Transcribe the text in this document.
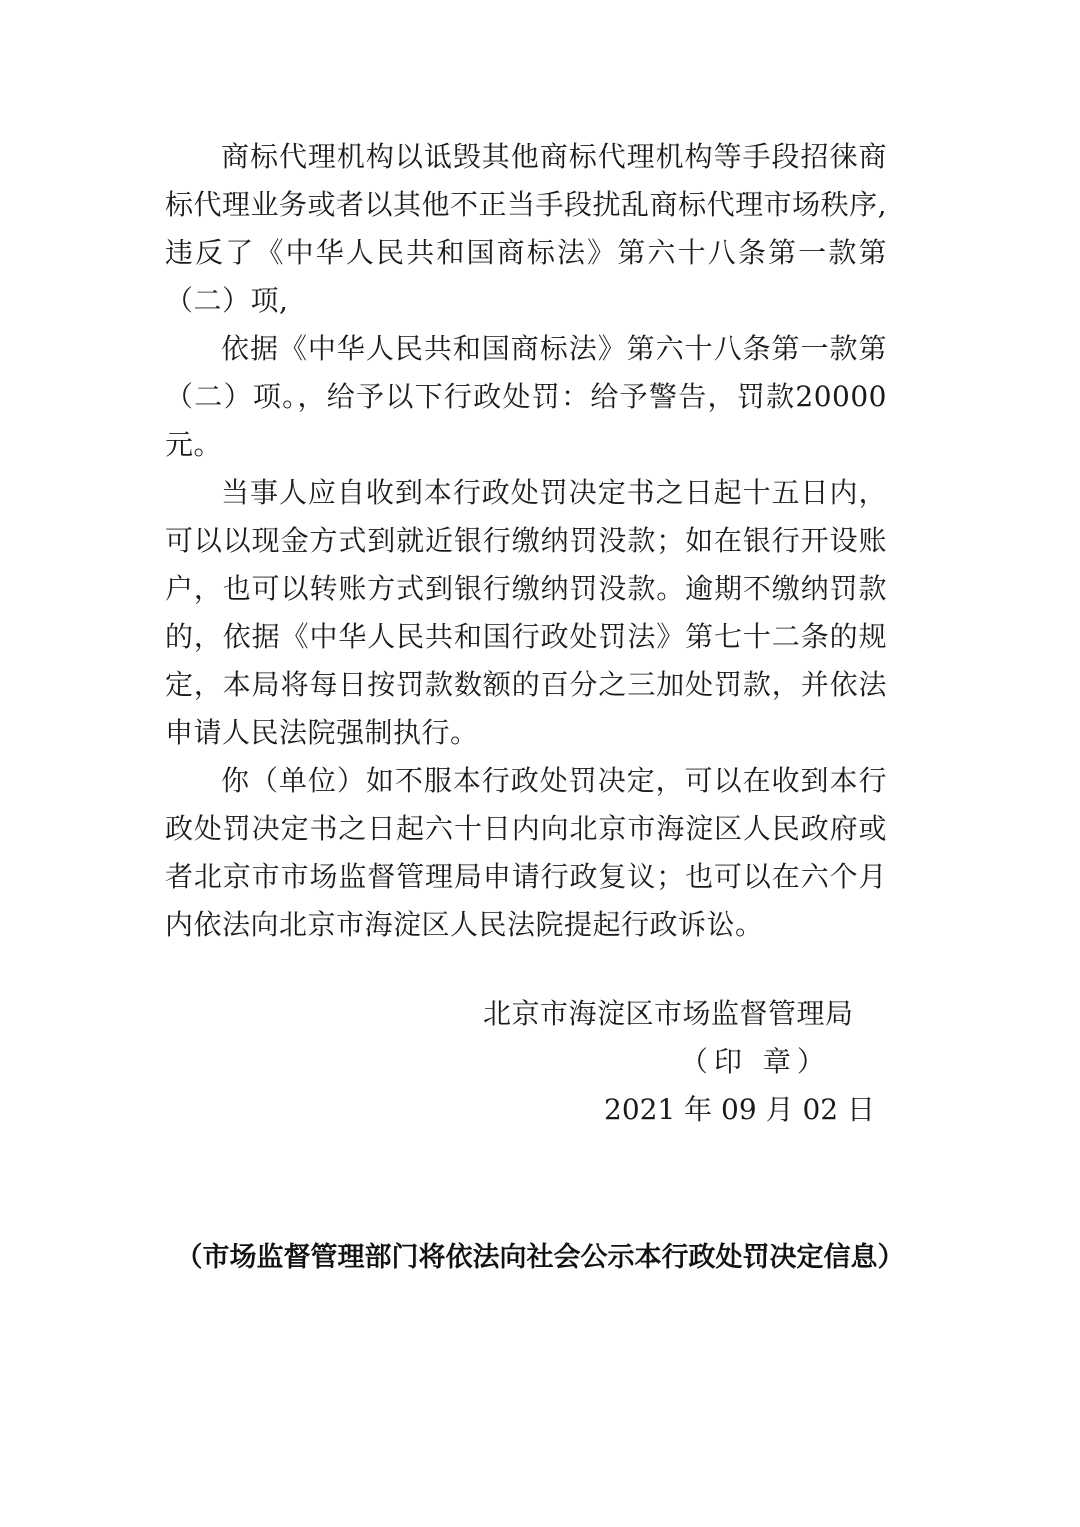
商标代理机构以诋毁其他商标代理机构等手段招徕商标代理业务或者以其他不正当手段扰乱商标代理市场秩序,违反了《中华人民共和国商标法》第六十八条第一款第（二）项,

依据《中华人民共和国商标法》第六十八条第一款第（二）项。，给予以下行政处罚：给予警告，罚款20000元。

当事人应自收到本行政处罚决定书之日起十五日内，可以以现金方式到就近银行缴纳罚没款；如在银行开设账户，也可以转账方式到银行缴纳罚没款。逾期不缴纳罚款的，依据《中华人民共和国行政处罚法》第七十二条的规定，本局将每日按罚款数额的百分之三加处罚款，并依法申请人民法院强制执行。

你（单位）如不服本行政处罚决定，可以在收到本行政处罚决定书之日起六十日内向北京市海淀区人民政府或者北京市市场监督管理局申请行政复议；也可以在六个月内依法向北京市海淀区人民法院提起行政诉讼。

北京市海淀区市场监督管理局
（印 章）
2021 年 09 月 02 日
（市场监督管理部门将依法向社会公示本行政处罚决定信息）
